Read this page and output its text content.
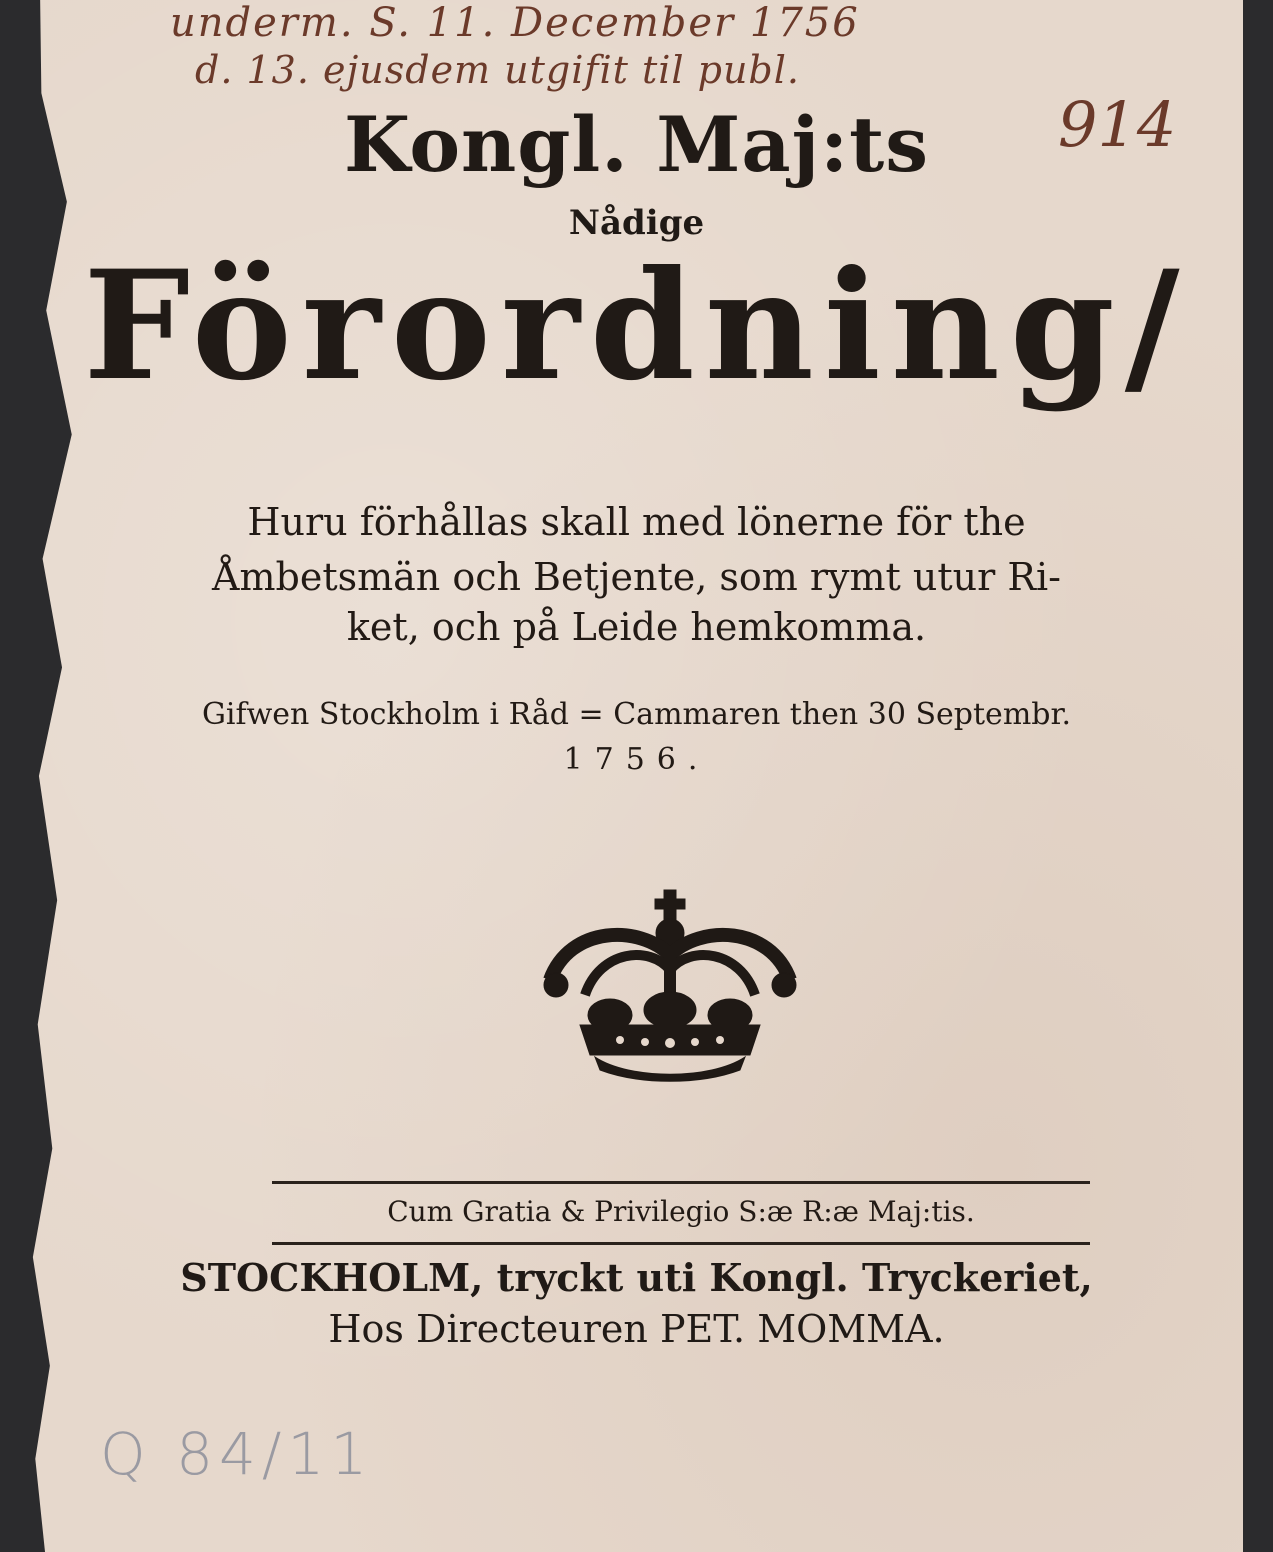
underm. S. 11. December 1756
d. 13. ejusdem utgifit til publ.
914
Kongl. Maj:ts
Nådige
Förordning/
Huru förhållas skall med lönerne för the
Åmbetsmän och Betjente, som rymt utur Ri-
ket, och på Leide hemkomma.
Gifwen Stockholm i Råd = Cammaren then 30 Septembr.
1756.
Cum Gratia & Privilegio S:æ R:æ Maj:tis.
STOCKHOLM, tryckt uti Kongl. Tryckeriet,
Hos Directeuren PET. MOMMA.
Q 84/11
